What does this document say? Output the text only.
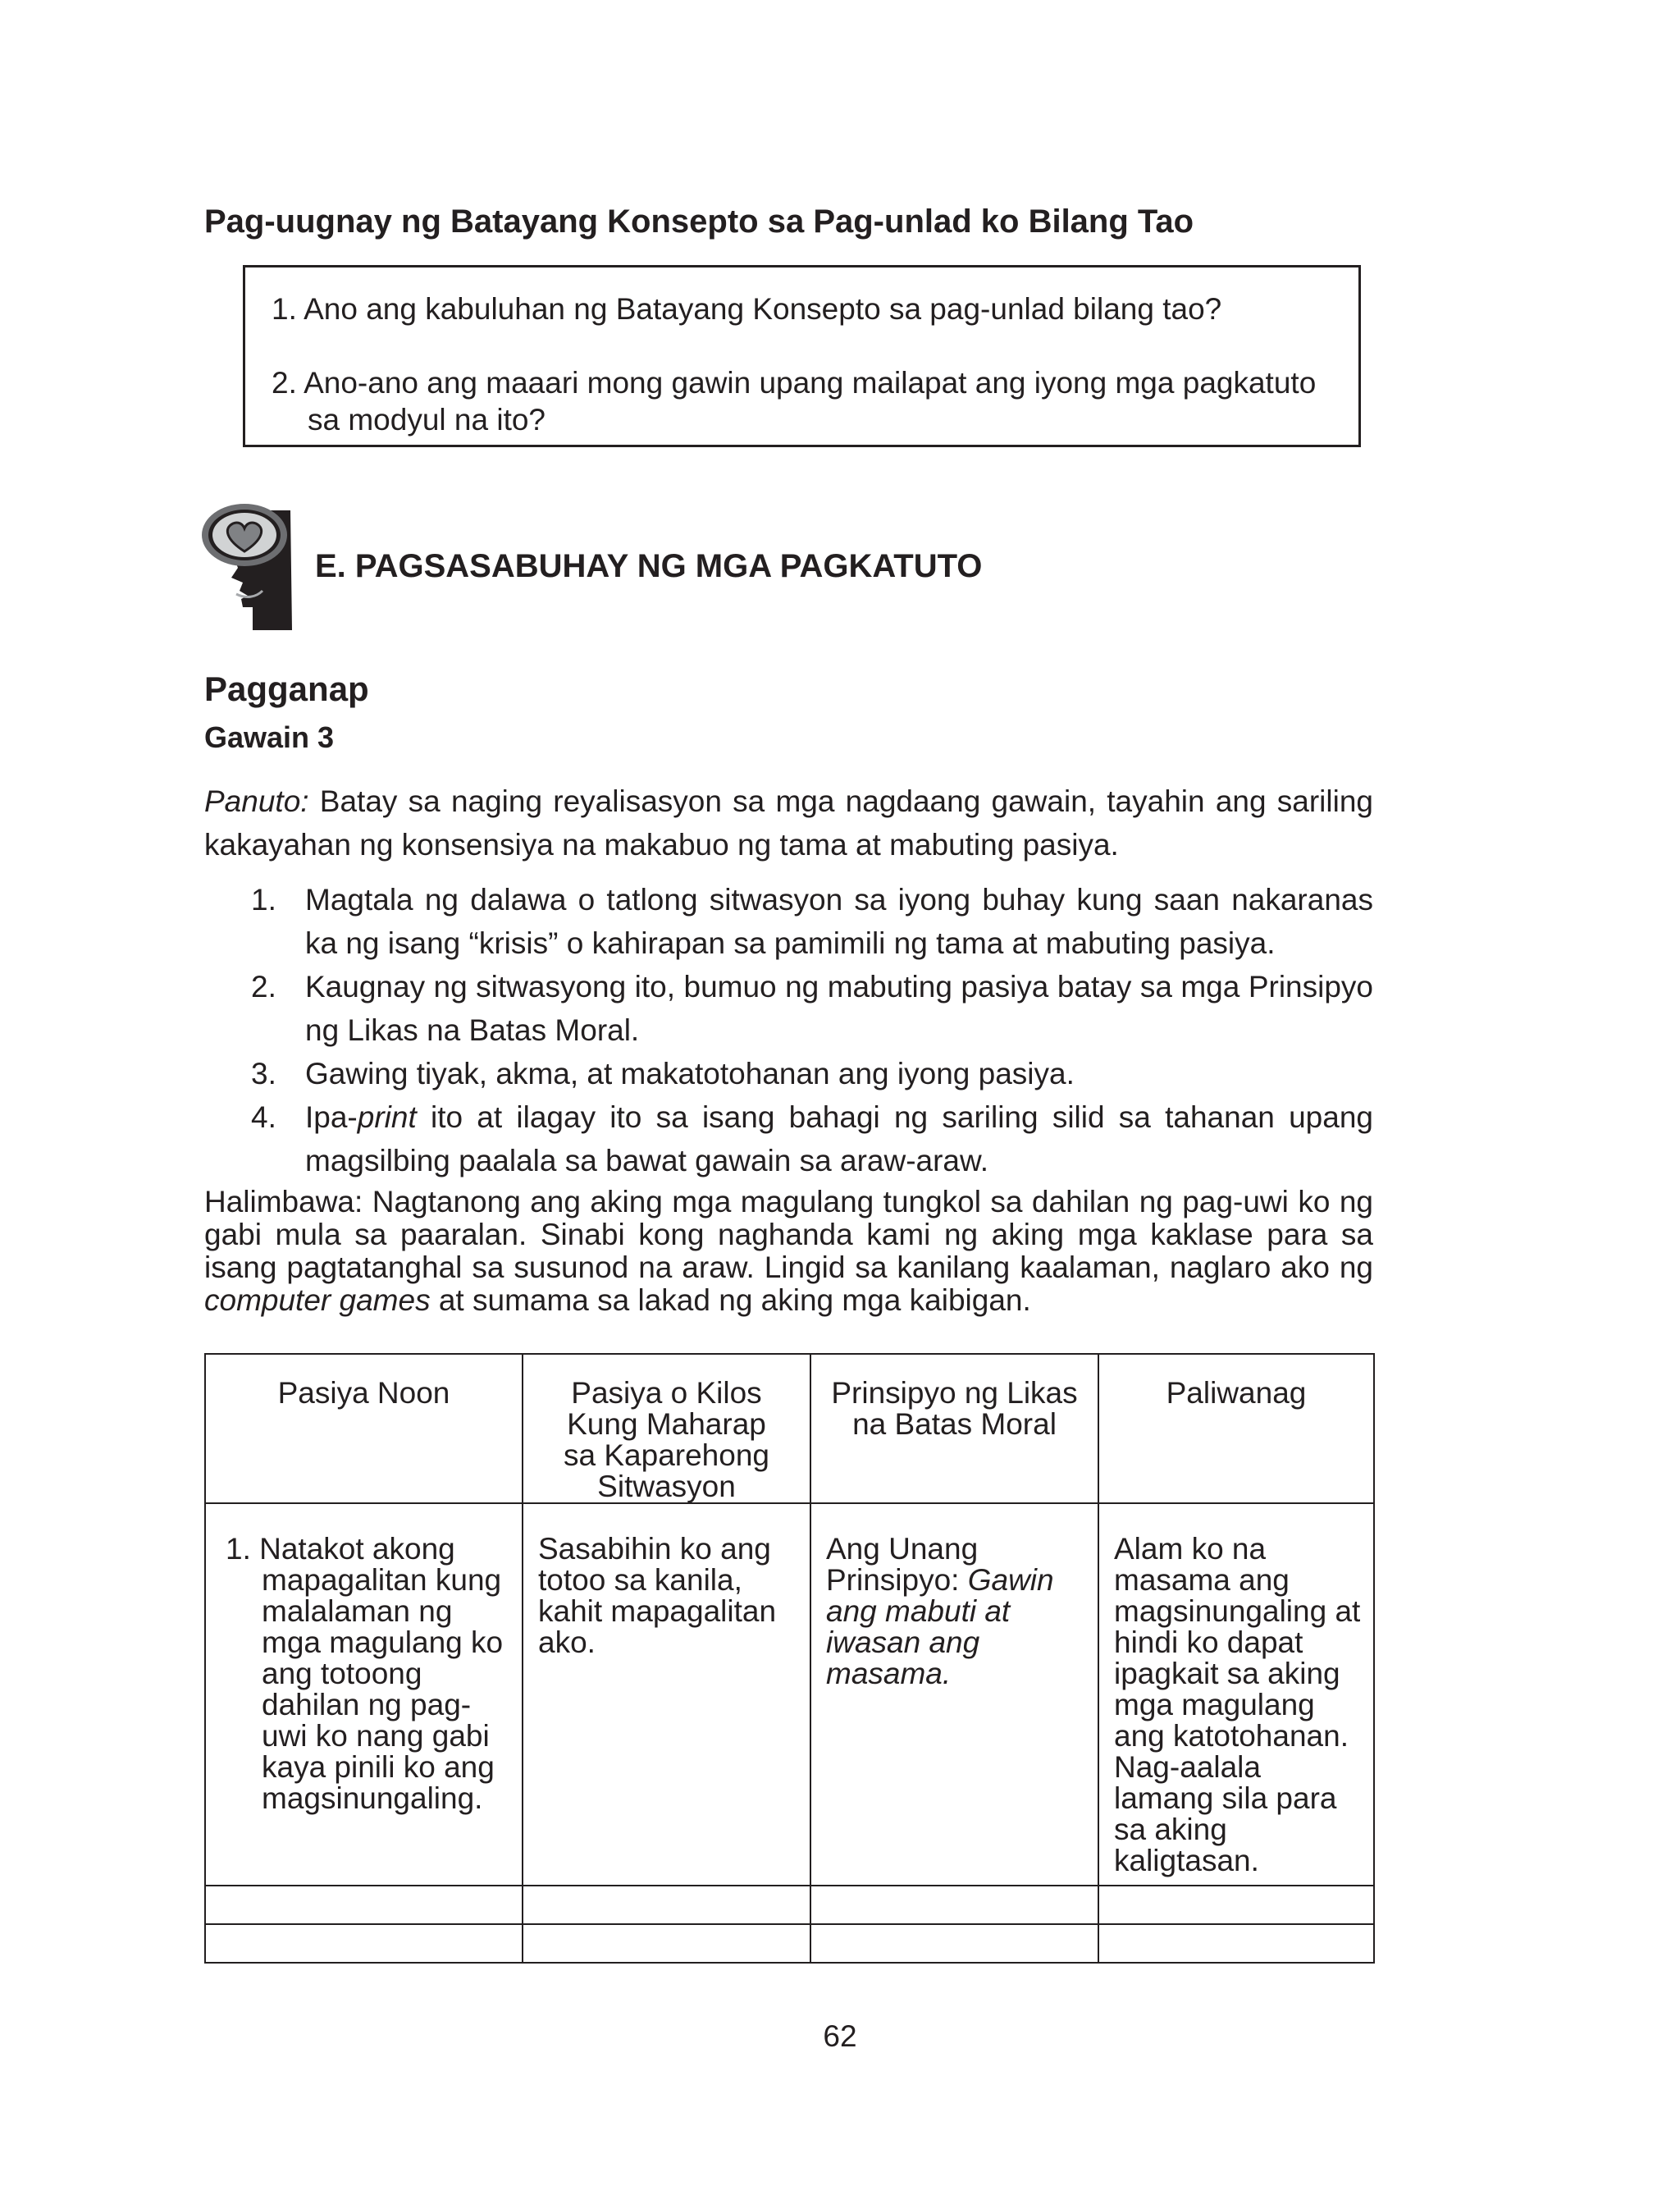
Pag-uugnay ng Batayang Konsepto sa Pag-unlad ko Bilang Tao
1. Ano ang kabuluhan ng Batayang Konsepto sa pag-unlad bilang tao?
2. Ano-ano ang maaari mong gawin upang mailapat ang iyong mga pagkatuto
sa modyul na ito?
E. PAGSASABUHAY NG MGA PAGKATUTO
Pagganap
Gawain 3
Panuto: Batay sa naging reyalisasyon sa mga nagdaang gawain, tayahin ang sariling kakayahan ng konsensiya na makabuo ng tama at mabuting pasiya.
1. Magtala ng dalawa o tatlong sitwasyon sa iyong buhay kung saan nakaranas ka ng isang “krisis” o kahirapan sa pamimili ng tama at mabuting pasiya.
2. Kaugnay ng sitwasyong ito, bumuo ng mabuting pasiya batay sa mga Prinsipyo ng Likas na Batas Moral.
3. Gawing tiyak, akma, at makatotohanan ang iyong pasiya.
4. Ipa-print ito at ilagay ito sa isang bahagi ng sariling silid sa tahanan upang magsilbing paalala sa bawat gawain sa araw-araw.
Halimbawa: Nagtanong ang aking mga magulang tungkol sa dahilan ng pag-uwi ko ng gabi mula sa paaralan. Sinabi kong naghanda kami ng aking mga kaklase para sa isang pagtatanghal sa susunod na araw. Lingid sa kanilang kaalaman, naglaro ako ng computer games at sumama sa lakad ng aking mga kaibigan.
Pasiya Noon	Pasiya o Kilos Kung Maharap sa Kaparehong Sitwasyon	Prinsipyo ng Likas na Batas Moral	Paliwanag

1. Natakot akong mapagalitan kung malalaman ng mga magulang ko ang totoong dahilan ng pag-uwi ko nang gabi kaya pinili ko ang magsinungaling.	Sasabihin ko ang totoo sa kanila, kahit mapagalitan ako.	Ang Unang Prinsipyo: Gawin ang mabuti at iwasan ang masama.	Alam ko na masama ang magsinungaling at hindi ko dapat ipagkait sa aking mga magulang ang katotohanan. Nag-aalala lamang sila para sa aking kaligtasan.

62
